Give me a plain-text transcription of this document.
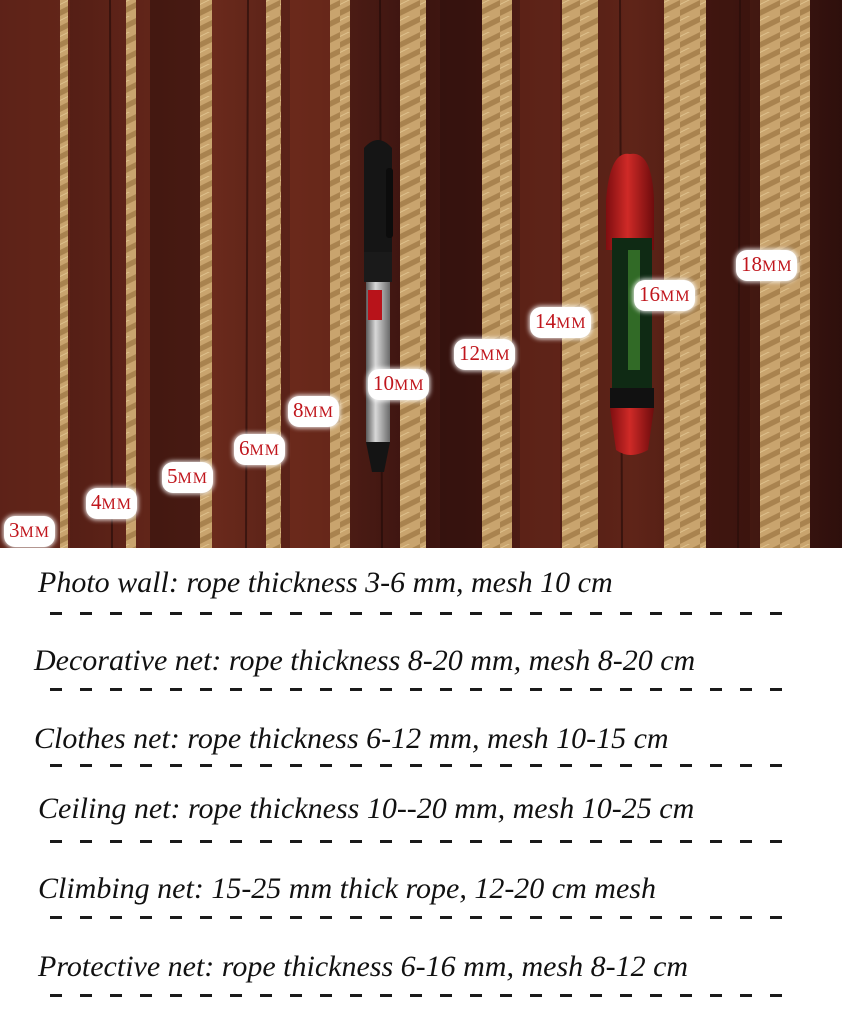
3MM
4MM
5MM
6MM
8MM
10MM
12MM
14MM
16MM
18MM
Photo wall: rope thickness 3-6 mm, mesh 10 cm
Decorative net: rope thickness 8-20 mm, mesh 8-20 cm
Clothes net: rope thickness 6-12 mm, mesh 10-15 cm
Ceiling net: rope thickness 10--20 mm, mesh 10-25 cm
Climbing net: 15-25 mm thick rope, 12-20 cm mesh
Protective net: rope thickness 6-16 mm, mesh 8-12 cm
